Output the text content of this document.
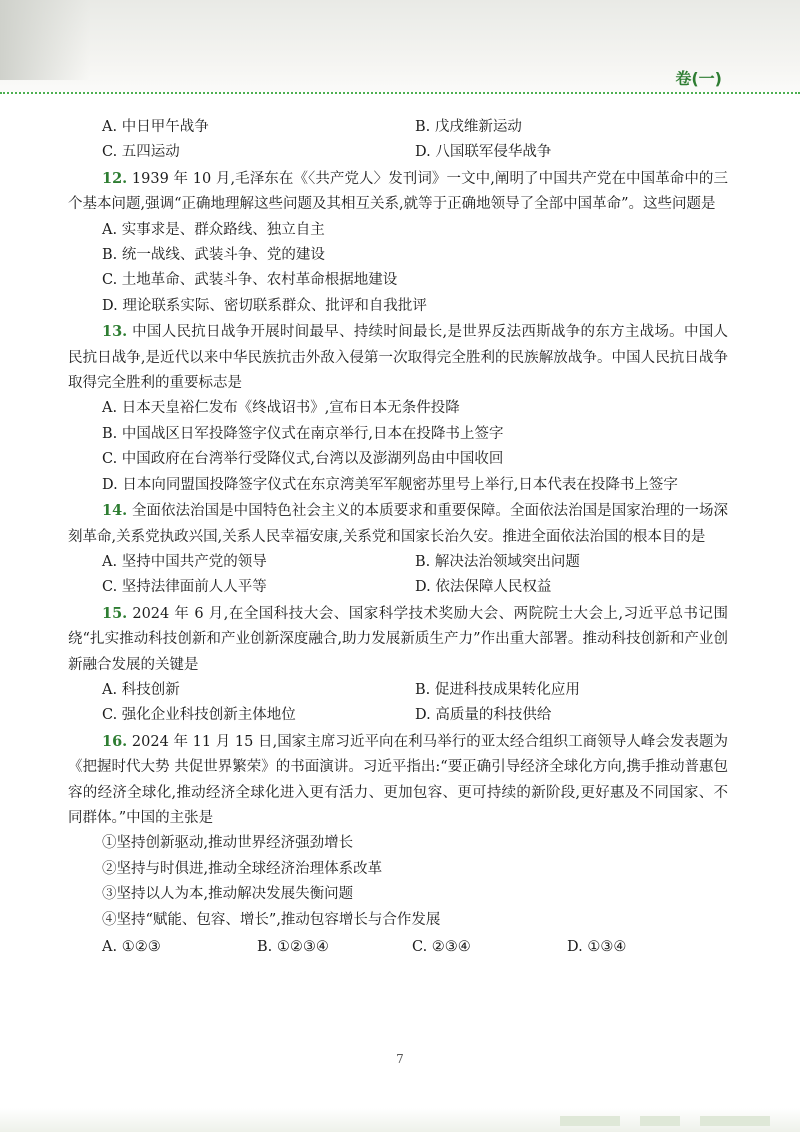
卷(一)
A. 中日甲午战争	B. 戊戌维新运动
C. 五四运动	D. 八国联军侵华战争
12. 1939 年 10 月,毛泽东在《〈共产党人〉发刊词》一文中,阐明了中国共产党在中国革命中的三个基本问题,强调“正确地理解这些问题及其相互关系,就等于正确地领导了全部中国革命”。这些问题是
A. 实事求是、群众路线、独立自主
B. 统一战线、武装斗争、党的建设
C. 土地革命、武装斗争、农村革命根据地建设
D. 理论联系实际、密切联系群众、批评和自我批评
13. 中国人民抗日战争开展时间最早、持续时间最长,是世界反法西斯战争的东方主战场。中国人民抗日战争,是近代以来中华民族抗击外敌入侵第一次取得完全胜利的民族解放战争。中国人民抗日战争取得完全胜利的重要标志是
A. 日本天皇裕仁发布《终战诏书》,宣布日本无条件投降
B. 中国战区日军投降签字仪式在南京举行,日本在投降书上签字
C. 中国政府在台湾举行受降仪式,台湾以及澎湖列岛由中国收回
D. 日本向同盟国投降签字仪式在东京湾美军军舰密苏里号上举行,日本代表在投降书上签字
14. 全面依法治国是中国特色社会主义的本质要求和重要保障。全面依法治国是国家治理的一场深刻革命,关系党执政兴国,关系人民幸福安康,关系党和国家长治久安。推进全面依法治国的根本目的是
A. 坚持中国共产党的领导	B. 解决法治领域突出问题
C. 坚持法律面前人人平等	D. 依法保障人民权益
15. 2024 年 6 月,在全国科技大会、国家科学技术奖励大会、两院院士大会上,习近平总书记围绕“扎实推动科技创新和产业创新深度融合,助力发展新质生产力”作出重大部署。推动科技创新和产业创新融合发展的关键是
A. 科技创新	B. 促进科技成果转化应用
C. 强化企业科技创新主体地位	D. 高质量的科技供给
16. 2024 年 11 月 15 日,国家主席习近平向在利马举行的亚太经合组织工商领导人峰会发表题为《把握时代大势 共促世界繁荣》的书面演讲。习近平指出:“要正确引导经济全球化方向,携手推动普惠包容的经济全球化,推动经济全球化进入更有活力、更加包容、更可持续的新阶段,更好惠及不同国家、不同群体。”中国的主张是
①坚持创新驱动,推动世界经济强劲增长
②坚持与时俱进,推动全球经济治理体系改革
③坚持以人为本,推动解决发展失衡问题
④坚持“赋能、包容、增长”,推动包容增长与合作发展
A. ①②③	B. ①②③④	C. ②③④	D. ①③④
7
